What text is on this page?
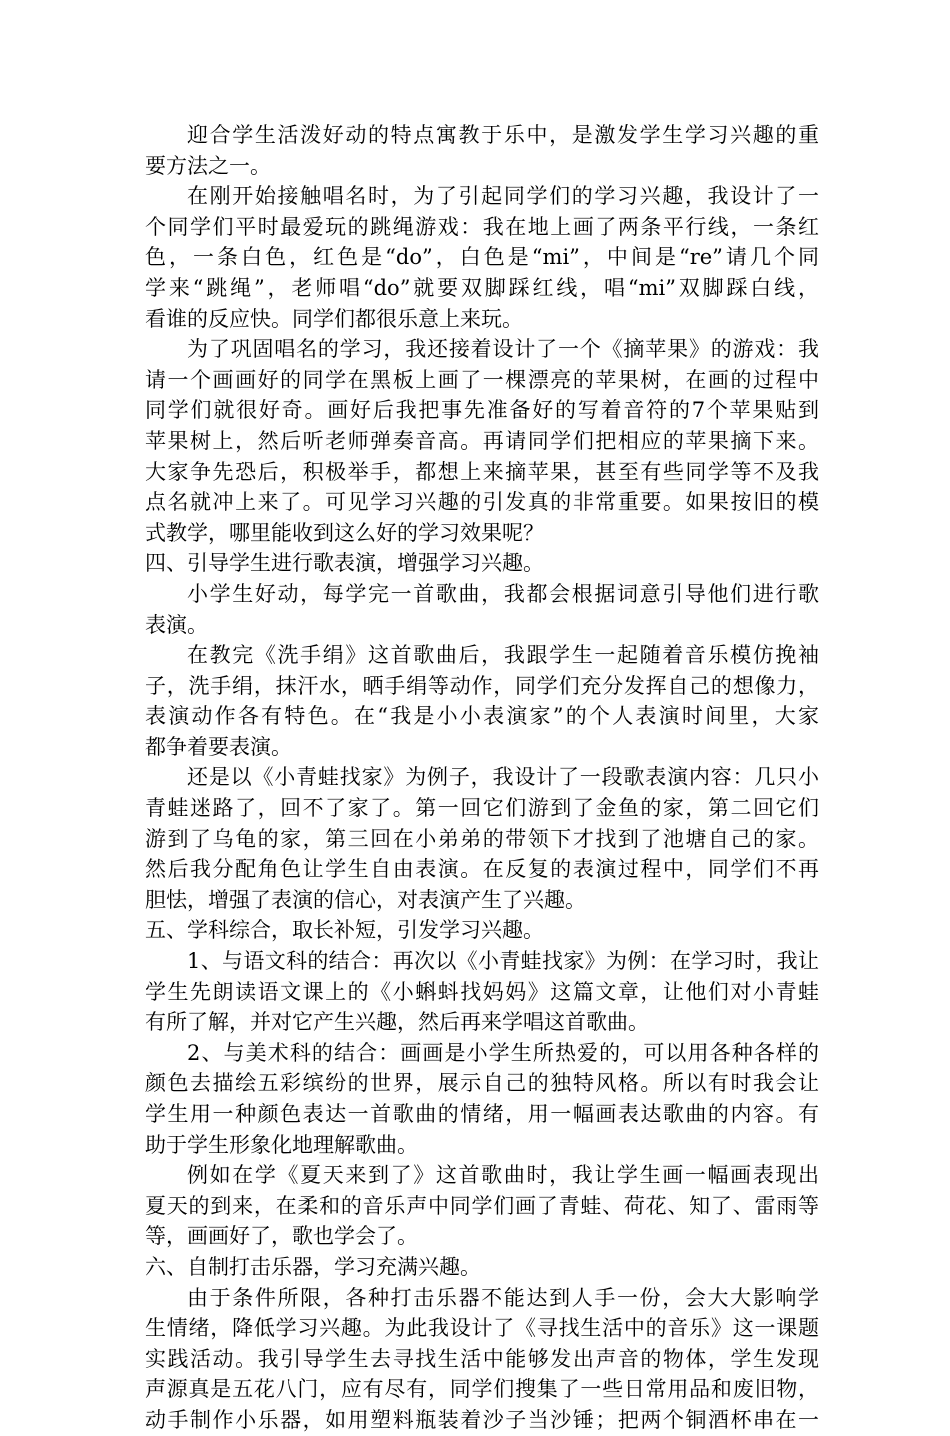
迎合学生活泼好动的特点寓教于乐中，是激发学生学习兴趣的重
要方法之一。
在刚开始接触唱名时，为了引起同学们的学习兴趣，我设计了一
个同学们平时最爱玩的跳绳游戏：我在地上画了两条平行线，一条红
色，一条白色，红色是“do”，白色是“mi”，中间是“re”请几个同
学来“跳绳”，老师唱“do”就要双脚踩红线，唱“mi”双脚踩白线，
看谁的反应快。同学们都很乐意上来玩。
为了巩固唱名的学习，我还接着设计了一个《摘苹果》的游戏：我
请一个画画好的同学在黑板上画了一棵漂亮的苹果树，在画的过程中
同学们就很好奇。画好后我把事先准备好的写着音符的7个苹果贴到
苹果树上，然后听老师弹奏音高。再请同学们把相应的苹果摘下来。
大家争先恐后，积极举手，都想上来摘苹果，甚至有些同学等不及我
点名就冲上来了。可见学习兴趣的引发真的非常重要。如果按旧的模
式教学，哪里能收到这么好的学习效果呢？
四、引导学生进行歌表演，增强学习兴趣。
小学生好动，每学完一首歌曲，我都会根据词意引导他们进行歌
表演。
在教完《洗手绢》这首歌曲后，我跟学生一起随着音乐模仿挽袖
子，洗手绢，抹汗水，晒手绢等动作，同学们充分发挥自己的想像力，
表演动作各有特色。在“我是小小表演家”的个人表演时间里，大家
都争着要表演。
还是以《小青蛙找家》为例子，我设计了一段歌表演内容：几只小
青蛙迷路了，回不了家了。第一回它们游到了金鱼的家，第二回它们
游到了乌龟的家，第三回在小弟弟的带领下才找到了池塘自己的家。
然后我分配角色让学生自由表演。在反复的表演过程中，同学们不再
胆怯，增强了表演的信心，对表演产生了兴趣。
五、学科综合，取长补短，引发学习兴趣。
1、与语文科的结合：再次以《小青蛙找家》为例：在学习时，我让
学生先朗读语文课上的《小蝌蚪找妈妈》这篇文章，让他们对小青蛙
有所了解，并对它产生兴趣，然后再来学唱这首歌曲。
2、与美术科的结合：画画是小学生所热爱的，可以用各种各样的
颜色去描绘五彩缤纷的世界，展示自己的独特风格。所以有时我会让
学生用一种颜色表达一首歌曲的情绪，用一幅画表达歌曲的内容。有
助于学生形象化地理解歌曲。
例如在学《夏天来到了》这首歌曲时，我让学生画一幅画表现出
夏天的到来，在柔和的音乐声中同学们画了青蛙、荷花、知了、雷雨等
等，画画好了，歌也学会了。
六、自制打击乐器，学习充满兴趣。
由于条件所限，各种打击乐器不能达到人手一份，会大大影响学
生情绪，降低学习兴趣。为此我设计了《寻找生活中的音乐》这一课题
实践活动。我引导学生去寻找生活中能够发出声音的物体，学生发现
声源真是五花八门，应有尽有，同学们搜集了一些日常用品和废旧物，
动手制作小乐器，如用塑料瓶装着沙子当沙锤；把两个铜酒杯串在一
